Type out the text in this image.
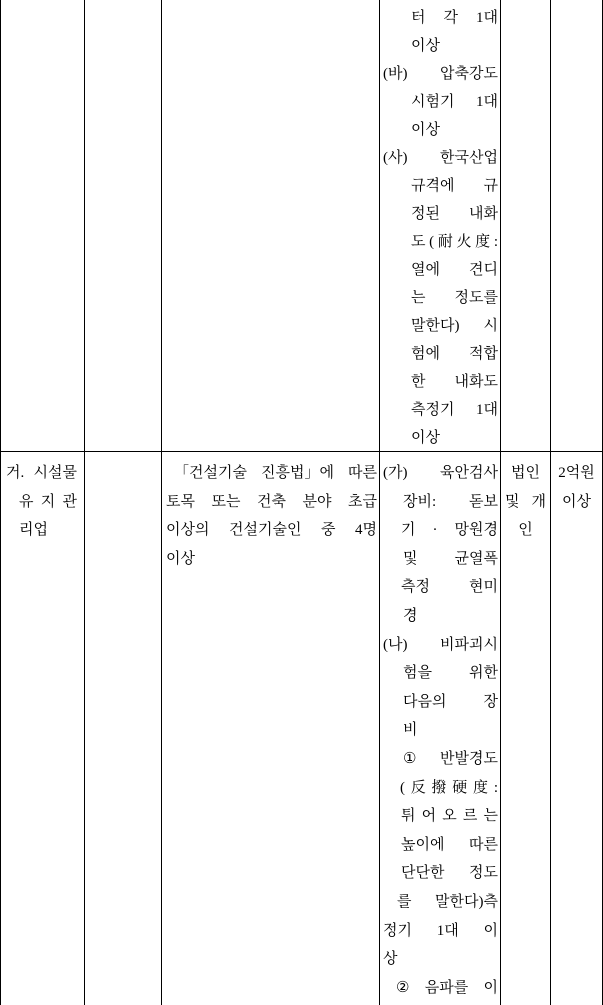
터 각 1대
이상
(바) 압축강도
시험기 1대
이상
(사) 한국산업
규격에 규
정된 내화
도 ( 耐 火 度 :
열에 견디
는 정도를
말한다) 시
험에 적합
한 내화도
측정기 1대
이상
거. 시설물
유 지 관
리업
「건설기술 진흥법」에 따른
토목 또는 건축 분야 초급
이상의 건설기술인 중 4명
이상
(가) 육안검사
장비: 돋보
기 · 망원경
및 균열폭
측정	현미
경
(나) 비파괴시
험을 위한
다음의 장
비
① 반발경도
( 反 撥 硬 度 :
튀 어 오 르 는
높이에 따른
단단한 정도
를 말한다)측
정기 1대 이
상
② 음파를 이
법인
및 개
인
2억원
이상
